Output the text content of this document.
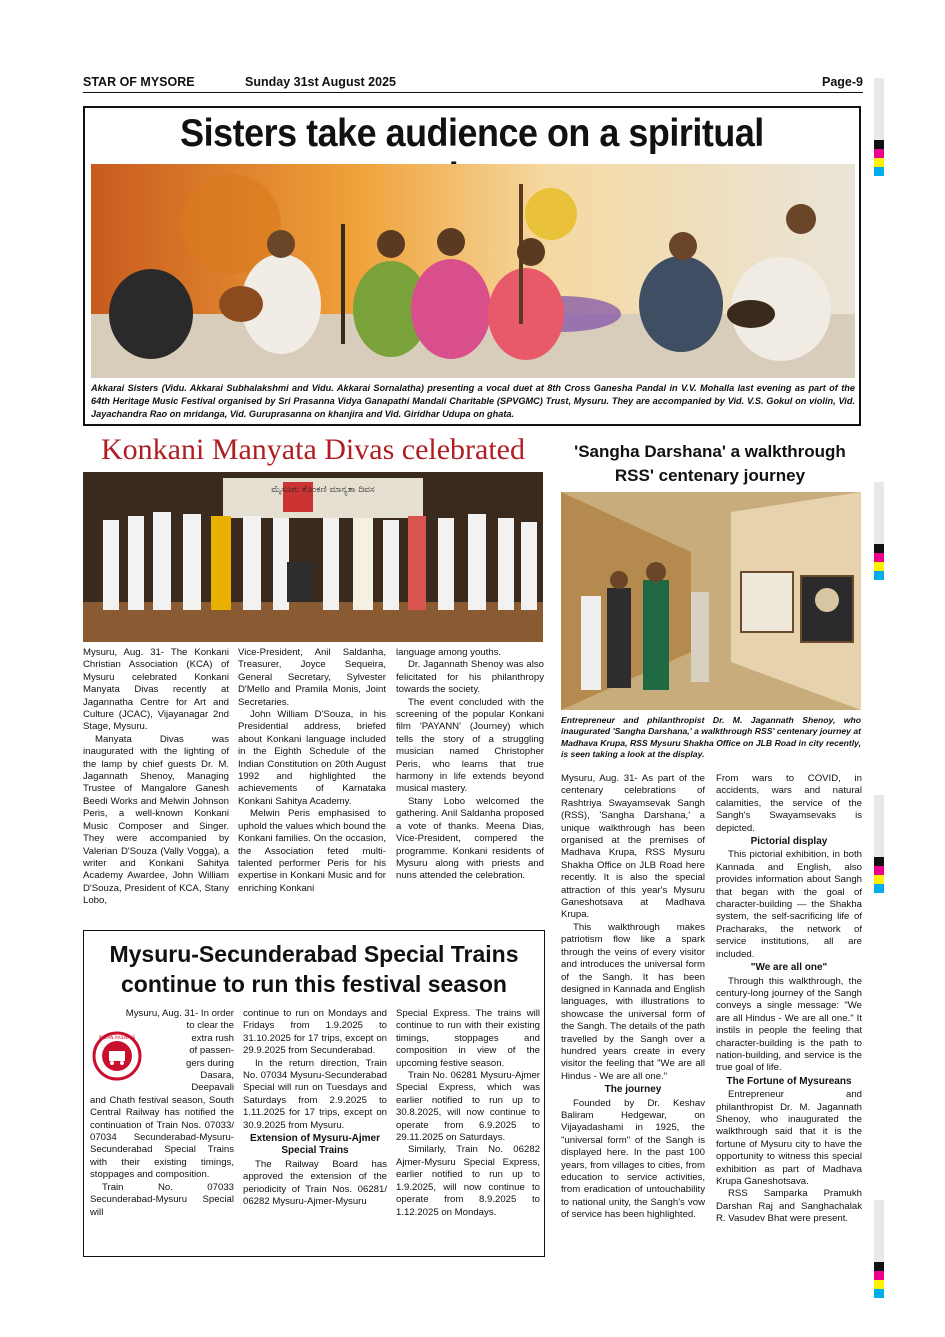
STAR OF MYSORE	Sunday 31st August 2025	Page-9
Sisters take audience on a spiritual
Akkarai Sisters (Vidu. Akkarai Subhalakshmi and Vidu. Akkarai Sornalatha) presenting a vocal duet at 8th Cross Ganesha Pandal in V.V. Mohalla last evening as part of the 64th Heritage Music Festival organised by Sri Prasanna Vidya Ganapathi Mandali Charitable (SPVGMC) Trust, Mysuru. They are accompanied by Vid. V.S. Gokul on violin, Vid. Jayachandra Rao on mridanga, Vid. Guruprasanna on khanjira and Vid. Giridhar Udupa on ghata.
Konkani Manyata Divas celebrated
ಮೈಸೂರು ಕೊಂಕಣಿ ಮಾನ್ಯತಾ ದಿವಸ

Mysuru, Aug. 31- The Konkani Christian Association (KCA) of Mysuru celebrated Konkani Manyata Divas recently at Jagannatha Centre for Art and Culture (JCAC), Vijayanagar 2nd Stage, Mysuru.

Manyata Divas was inaugurated with the lighting of the lamp by chief guests Dr. M. Jagannath Shenoy, Managing Trustee of Mangalore Ganesh Beedi Works and Melwin Johnson Peris, a well-known Konkani Music Composer and Singer. They were accompanied by Valerian D'Souza (Vally Vogga), a writer and Konkani Sahitya Academy Awardee, John William D'Souza, President of KCA, Stany Lobo,

Vice-President, Anil Saldanha, Treasurer, Joyce Sequeira, General Secretary, Sylvester D'Mello and Pramila Monis, Joint Secretaries.

John William D'Souza, in his Presidential address, briefed about Konkani language included in the Eighth Schedule of the Indian Constitution on 20th August 1992 and highlighted the achievements of Karnataka Konkani Sahitya Academy.

Melwin Peris emphasised to uphold the values which bound the Konkani families. On the occasion, the Association feted multi-talented performer Peris for his expertise in Konkani Music and for enriching Konkani

language among youths.

Dr. Jagannath Shenoy was also felicitated for his philanthropy towards the society.

The event concluded with the screening of the popular Konkani film 'PAYANN' (Journey) which tells the story of a struggling musician named Christopher Peris, who learns that true harmony in life extends beyond musical mastery.

Stany Lobo welcomed the gathering. Anil Saldanha proposed a vote of thanks. Meena Dias, Vice-President, compered the programme. Konkani residents of Mysuru along with priests and nuns attended the celebration.

'Sangha Darshana' a walkthrough RSS' centenary journey
Entrepreneur and philanthropist Dr. M. Jagannath Shenoy, who inaugurated 'Sangha Darshana,' a walkthrough RSS' centenary journey at Madhava Krupa, RSS Mysuru Shakha Office on JLB Road in city recently, is seen taking a look at the display.

Mysuru, Aug. 31- As part of the centenary celebrations of Rashtriya Swayamsevak Sangh (RSS), 'Sangha Darshana,' a unique walkthrough has been organised at the premises of Madhava Krupa, RSS Mysuru Shakha Office on JLB Road here recently. It is also the special attraction of this year's Mysuru Ganeshotsava at Madhava Krupa.

This walkthrough makes patriotism flow like a spark through the veins of every visitor and introduces the universal form of the Sangh. It has been designed in Kannada and English languages, with illustrations to showcase the universal form of the Sangh. The details of the path travelled by the Sangh over a hundred years create in every visitor the feeling that "We are all Hindus - We are all one."

The journey

Founded by Dr. Keshav Baliram Hedgewar, on Vijayadashami in 1925, the "universal form" of the Sangh is displayed here. In the past 100 years, from villages to cities, from education to service activities, from eradication of untouchability to national unity, the Sangh's vow of service has been highlighted.

From wars to COVID, in accidents, wars and natural calamities, the service of the Sangh's Swayamsevaks is depicted.

Pictorial display

This pictorial exhibition, in both Kannada and English, also provides information about Sangh that began with the goal of character-building — the Shakha system, the self-sacrificing life of Pracharaks, the network of service institutions, all are included.

"We are all one"

Through this walkthrough, the century-long journey of the Sangh conveys a single message: "We are all Hindus - We are all one." It instils in people the feeling that character-building is the path to nation-building, and service is the true goal of life.

The Fortune of Mysureans

Entrepreneur and philanthropist Dr. M. Jagannath Shenoy, who inaugurated the walkthrough said that it is the fortune of Mysuru city to have the opportunity to witness this special exhibition as part of Madhava Krupa Ganeshotsava.

RSS Samparka Pramukh Darshan Raj and Sanghachalak R. Vasudev Bhat were present.

Mysuru-Secunderabad Special Trains continue to run this festival season
INDIAN RAILWAYS
Mysuru, Aug. 31- In order
to clear the
extra rush
of passen-
gers during
Dasara,
Deepavali

and Chath festival season, South Central Railway has notified the continuation of Train Nos. 07033/ 07034 Secunderabad-Mysuru-Secunderabad Special Trains with their existing timings, stoppages and composition.

Train No. 07033 Secunderabad-Mysuru Special will

continue to run on Mondays and Fridays from 1.9.2025 to 31.10.2025 for 17 trips, except on 29.9.2025 from Secunderabad.

In the return direction, Train No. 07034 Mysuru-Secunderabad Special will run on Tuesdays and Saturdays from 2.9.2025 to 1.11.2025 for 17 trips, except on 30.9.2025 from Mysuru.

Extension of Mysuru-Ajmer Special Trains

The Railway Board has approved the extension of the periodicity of Train Nos. 06281/ 06282 Mysuru-Ajmer-Mysuru

Special Express. The trains will continue to run with their existing timings, stoppages and composition in view of the upcoming festive season.

Train No. 06281 Mysuru-Ajmer Special Express, which was earlier notified to run up to 30.8.2025, will now continue to operate from 6.9.2025 to 29.11.2025 on Saturdays.

Similarly, Train No. 06282 Ajmer-Mysuru Special Express, earlier notified to run up to 1.9.2025, will now continue to operate from 8.9.2025 to 1.12.2025 on Mondays.
